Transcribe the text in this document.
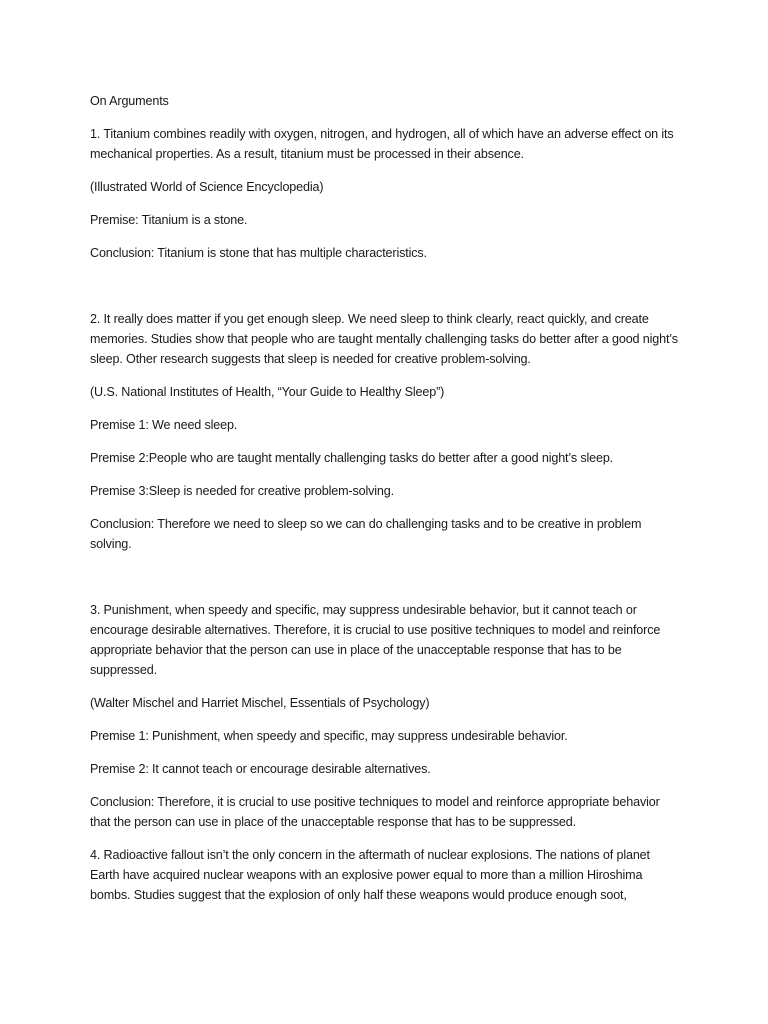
On Arguments

1. Titanium combines readily with oxygen, nitrogen, and hydrogen, all of which have an adverse effect on its mechanical properties. As a result, titanium must be processed in their absence.

(Illustrated World of Science Encyclopedia)

Premise: Titanium is a stone.

Conclusion: Titanium is stone that has multiple characteristics.

2. It really does matter if you get enough sleep. We need sleep to think clearly, react quickly, and create memories. Studies show that people who are taught mentally challenging tasks do better after a good night’s sleep. Other research suggests that sleep is needed for creative problem-solving.

(U.S. National Institutes of Health, “Your Guide to Healthy Sleep”)

Premise 1: We need sleep.

Premise 2:People who are taught mentally challenging tasks do better after a good night’s sleep.

Premise 3:Sleep is needed for creative problem-solving.

Conclusion: Therefore we need to sleep so we can do challenging tasks and to be creative in problem solving.

3. Punishment, when speedy and specific, may suppress undesirable behavior, but it cannot teach or encourage desirable alternatives. Therefore, it is crucial to use positive techniques to model and reinforce appropriate behavior that the person can use in place of the unacceptable response that has to be suppressed.

(Walter Mischel and Harriet Mischel, Essentials of Psychology)

Premise 1: Punishment, when speedy and specific, may suppress undesirable behavior.

Premise 2: It cannot teach or encourage desirable alternatives.

Conclusion: Therefore, it is crucial to use positive techniques to model and reinforce appropriate behavior that the person can use in place of the unacceptable response that has to be suppressed.

4. Radioactive fallout isn’t the only concern in the aftermath of nuclear explosions. The nations of planet Earth have acquired nuclear weapons with an explosive power equal to more than a million Hiroshima bombs. Studies suggest that the explosion of only half these weapons would produce enough soot,
